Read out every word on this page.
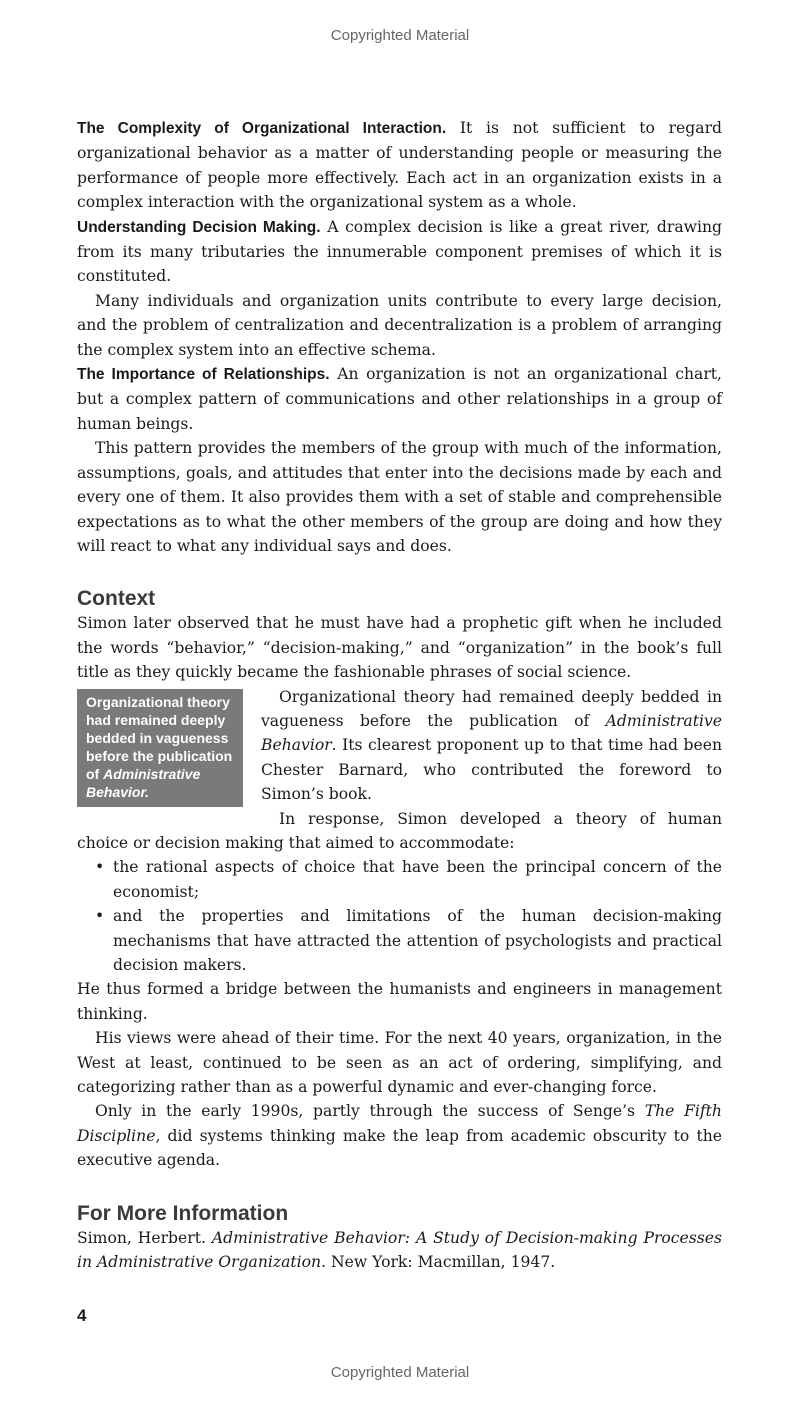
Copyrighted Material

The Complexity of Organizational Interaction. It is not sufficient to regard organizational behavior as a matter of understanding people or measuring the performance of people more effectively. Each act in an organization exists in a complex interaction with the organizational system as a whole.

Understanding Decision Making. A complex decision is like a great river, drawing from its many tributaries the innumerable component premises of which it is constituted.

Many individuals and organization units contribute to every large decision, and the problem of centralization and decentralization is a problem of arranging the complex system into an effective schema.

The Importance of Relationships. An organization is not an organizational chart, but a complex pattern of communications and other relationships in a group of human beings.

This pattern provides the members of the group with much of the information, assumptions, goals, and attitudes that enter into the decisions made by each and every one of them. It also provides them with a set of stable and comprehensible expectations as to what the other members of the group are doing and how they will react to what any individual says and does.

Context

Simon later observed that he must have had a prophetic gift when he included the words “behavior,” “decision-making,” and “organization” in the book’s full title as they quickly became the fashionable phrases of social science.

Organizational theory had remained deeply bedded in vagueness before the publication of Administrative Behavior.

Organizational theory had remained deeply bedded in vagueness before the publication of Administrative Behavior. Its clearest proponent up to that time had been Chester Barnard, who contributed the foreword to Simon’s book.

In response, Simon developed a theory of human choice or decision making that aimed to accommodate:

• the rational aspects of choice that have been the principal concern of the economist;
• and the properties and limitations of the human decision-making mechanisms that have attracted the attention of psychologists and practical decision makers.

He thus formed a bridge between the humanists and engineers in management thinking.

His views were ahead of their time. For the next 40 years, organization, in the West at least, continued to be seen as an act of ordering, simplifying, and categorizing rather than as a powerful dynamic and ever-changing force.

Only in the early 1990s, partly through the success of Senge’s The Fifth Discipline, did systems thinking make the leap from academic obscurity to the executive agenda.

For More Information

Simon, Herbert. Administrative Behavior: A Study of Decision-making Processes in Administrative Organization. New York: Macmillan, 1947.

4
Copyrighted Material
